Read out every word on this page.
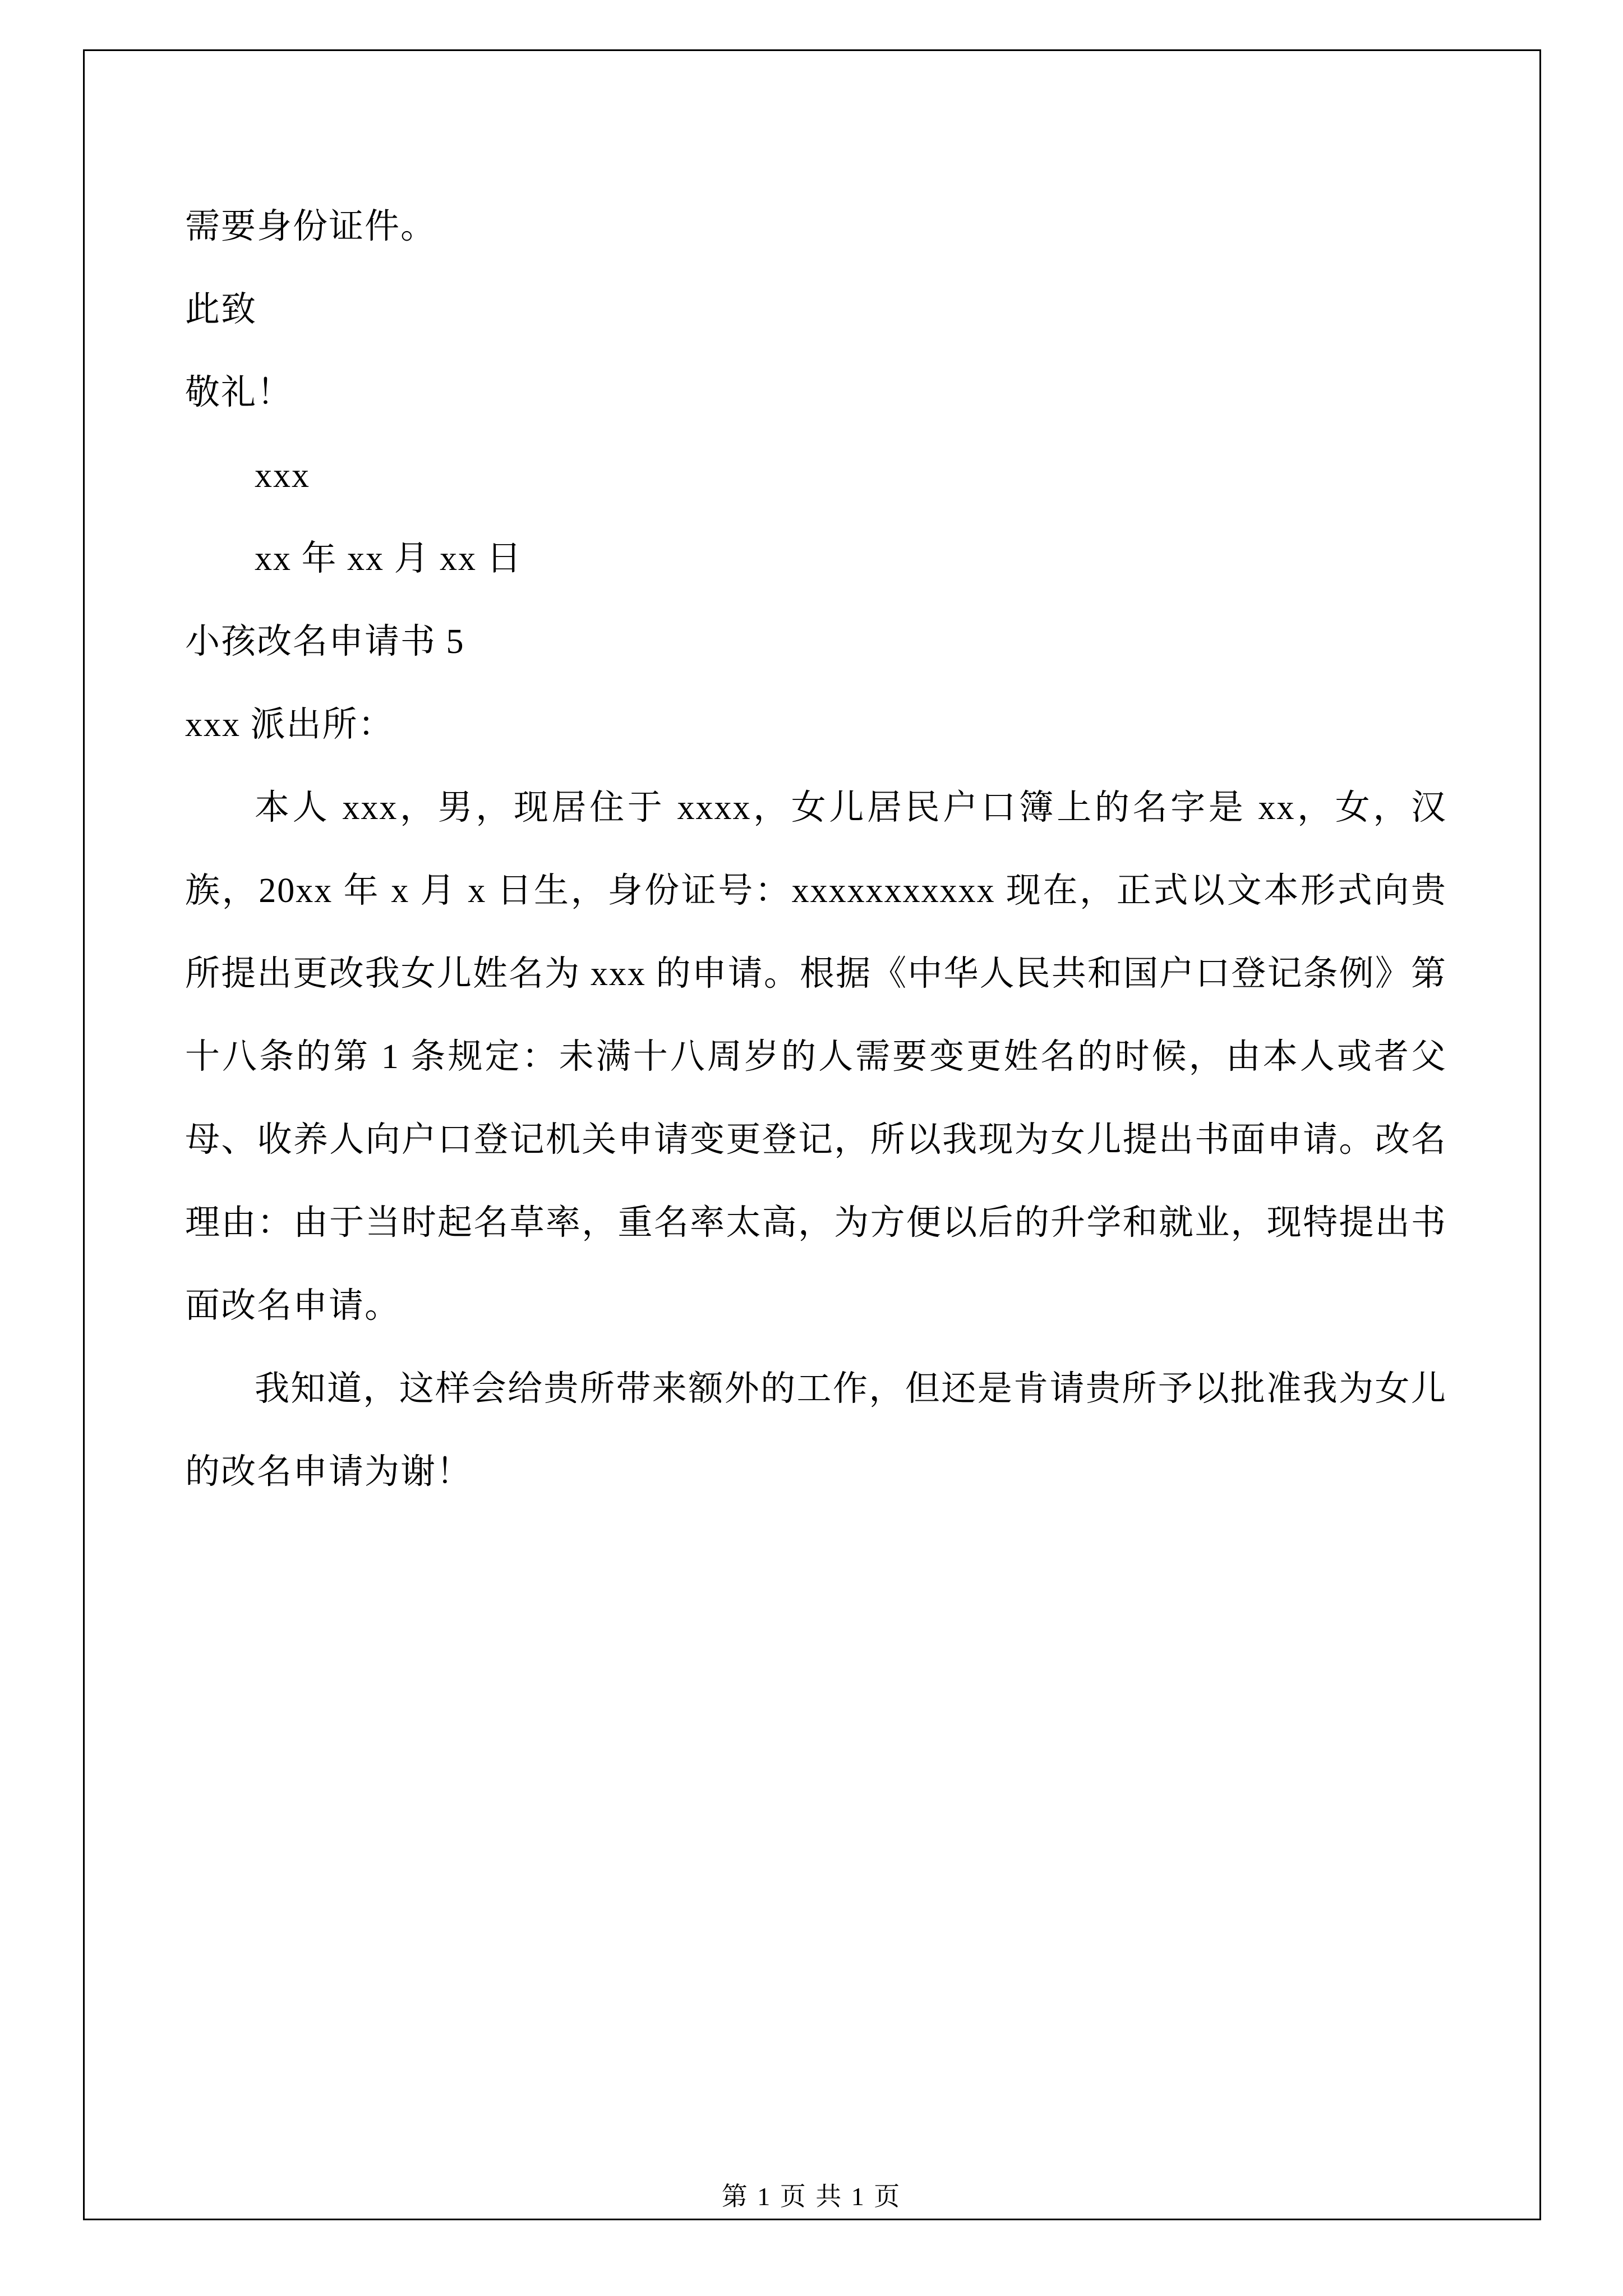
需要身份证件。

此致

敬礼！

xxx

xx 年 xx 月 xx 日

小孩改名申请书 5

xxx 派出所：

本人 xxx，男，现居住于 xxxx，女儿居民户口簿上的名字是 xx，女，汉族，20xx 年 x 月 x 日生，身份证号：xxxxxxxxxxx 现在，正式以文本形式向贵所提出更改我女儿姓名为 xxx 的申请。根据《中华人民共和国户口登记条例》第十八条的第 1 条规定：未满十八周岁的人需要变更姓名的时候，由本人或者父母、收养人向户口登记机关申请变更登记，所以我现为女儿提出书面申请。改名理由：由于当时起名草率，重名率太高，为方便以后的升学和就业，现特提出书面改名申请。

我知道，这样会给贵所带来额外的工作，但还是肯请贵所予以批准我为女儿的改名申请为谢！

第 1 页 共 1 页
